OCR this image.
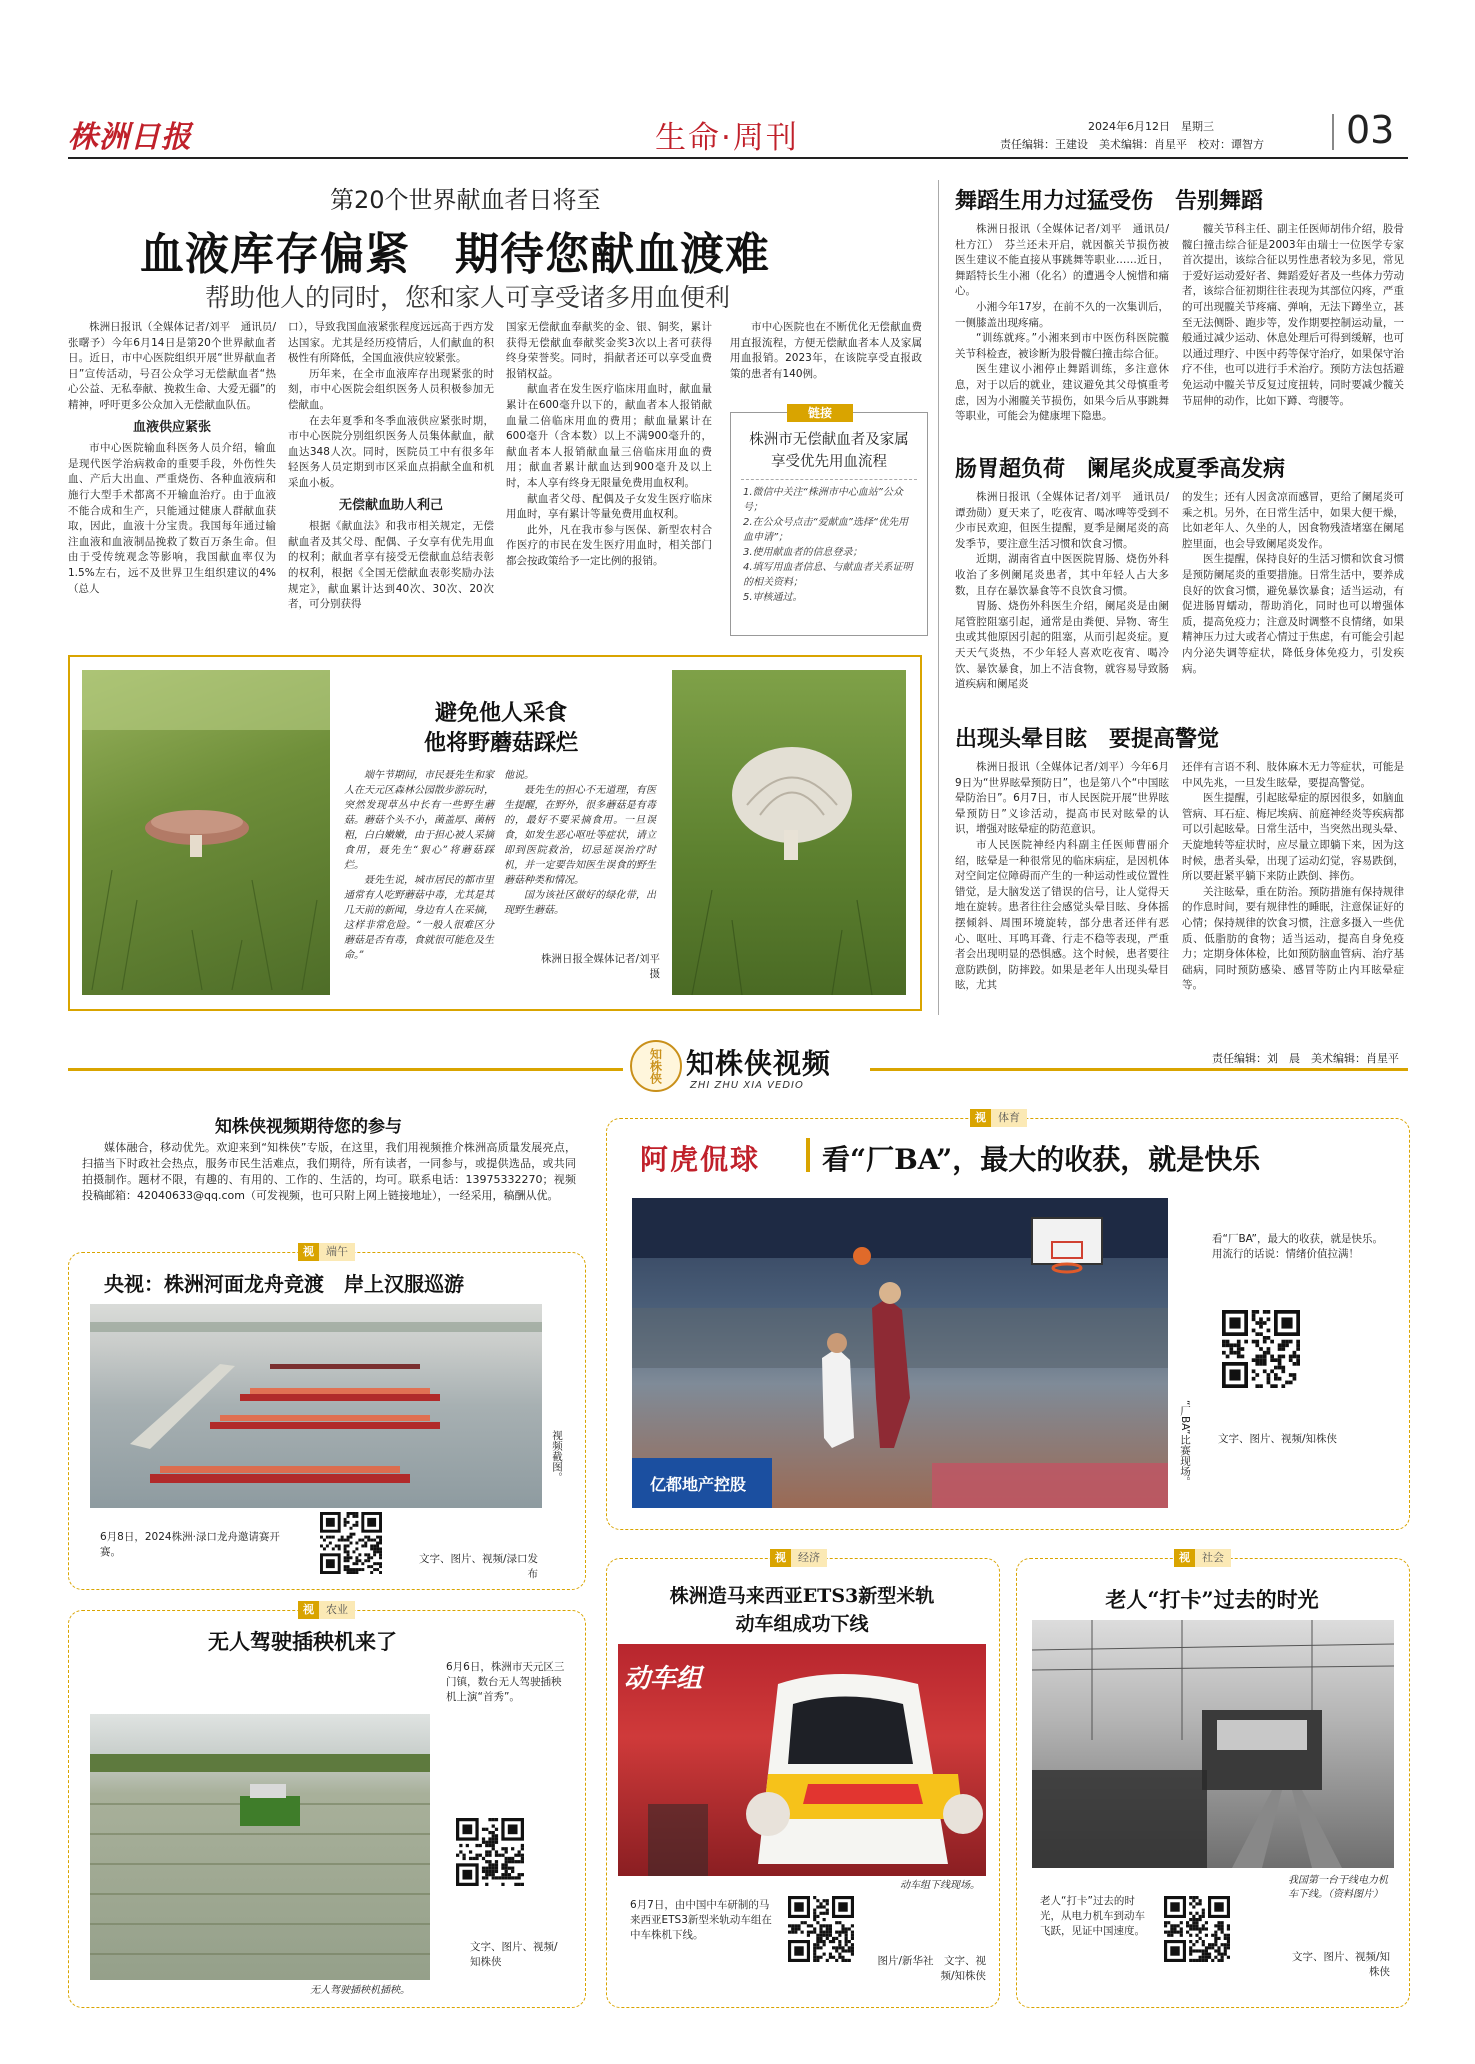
株洲日报	生命·周刊	2024年6月12日　星期三
责任编辑：王建设　美术编辑：肖星平　校对：谭智方 03
第20个世界献血者日将至
血液库存偏紧　期待您献血渡难
帮助他人的同时，您和家人可享受诸多用血便利

株洲日报讯（全媒体记者/刘平　通讯员/张曙予）今年6月14日是第20个世界献血者日。近日，市中心医院组织开展“世界献血者日”宣传活动，号召公众学习无偿献血者“热心公益、无私奉献、挽救生命、大爱无疆”的精神，呼吁更多公众加入无偿献血队伍。

血液供应紧张

市中心医院输血科医务人员介绍，输血是现代医学治病救命的重要手段，外伤性失血、产后大出血、严重烧伤、各种血液病和施行大型手术都离不开输血治疗。由于血液不能合成和生产，只能通过健康人群献血获取，因此，血液十分宝贵。我国每年通过输注血液和血液制品挽救了数百万条生命。但由于受传统观念等影响，我国献血率仅为1.5%左右，远不及世界卫生组织建议的4%（总人

口），导致我国血液紧张程度远远高于西方发达国家。尤其是经历疫情后，人们献血的积极性有所降低，全国血液供应较紧张。

历年来，在全市血液库存出现紧张的时刻，市中心医院会组织医务人员积极参加无偿献血。

在去年夏季和冬季血液供应紧张时期，市中心医院分别组织医务人员集体献血，献血达348人次。同时，医院员工中有很多年轻医务人员定期到市区采血点捐献全血和机采血小板。

无偿献血助人利己

根据《献血法》和我市相关规定，无偿献血者及其父母、配偶、子女享有优先用血的权利；献血者享有接受无偿献血总结表彰的权利，根据《全国无偿献血表彰奖励办法规定》，献血累计达到40次、30次、20次者，可分别获得

国家无偿献血奉献奖的金、银、铜奖，累计获得无偿献血奉献奖金奖3次以上者可获得终身荣誉奖。同时，捐献者还可以享受血费报销权益。

献血者在发生医疗临床用血时，献血量累计在600毫升以下的，献血者本人报销献血量二倍临床用血的费用；献血量累计在600毫升（含本数）以上不满900毫升的，献血者本人报销献血量三倍临床用血的费用；献血者累计献血达到900毫升及以上时，本人享有终身无限量免费用血权利。

献血者父母、配偶及子女发生医疗临床用血时，享有累计等量免费用血权利。

此外，凡在我市参与医保、新型农村合作医疗的市民在发生医疗用血时，相关部门都会按政策给予一定比例的报销。

市中心医院也在不断优化无偿献血费用直报流程，方便无偿献血者本人及家属用血报销。2023年，在该院享受直报政策的患者有140例。

链接
株洲市无偿献血者及家属享受优先用血流程
1.微信中关注“株洲市中心血站”公众号；
2.在公众号点击“爱献血”选择“优先用血申请”；
3.使用献血者的信息登录；
4.填写用血者信息、与献血者关系证明的相关资料；
5.审核通过。
避免他人采食
他将野蘑菇踩烂

端午节期间，市民聂先生和家人在天元区森林公园散步游玩时，突然发现草丛中长有一些野生蘑菇。蘑菇个头不小，菌盖厚、菌柄粗，白白嫩嫩，由于担心被人采摘食用，聂先生“狠心”将蘑菇踩烂。

聂先生说，城市居民的都市里通常有人吃野蘑菇中毒，尤其是其几天前的新闻，身边有人在采摘，这样非常危险。“一般人很难区分蘑菇是否有毒，食就很可能危及生命。”

他说。

聂先生的担心不无道理，有医生提醒，在野外，很多蘑菇是有毒的，最好不要采摘食用。一旦误食，如发生恶心呕吐等症状，请立即到医院救治，切忌延误治疗时机，并一定要告知医生误食的野生蘑菇种类和情况。

国为该社区做好的绿化带，出现野生蘑菇。

株洲日报全媒体记者/刘平　摄
舞蹈生用力过猛受伤　告别舞蹈

株洲日报讯（全媒体记者/刘平　通讯员/杜方江）　芬兰还未开启，就因髌关节损伤被医生建议不能直接从事跳舞等职业……近日，舞蹈特长生小湘（化名）的遭遇令人惋惜和痛心。

小湘今年17岁，在前不久的一次集训后，一侧膝盖出现疼痛。

“训练就疼。”小湘来到市中医伤科医院髋关节科检查，被诊断为股骨髋臼撞击综合征。

医生建议小湘停止舞蹈训练，多注意休息，对于以后的就业，建议避免其父母慎重考虑，因为小湘髋关节损伤，如果今后从事跳舞等职业，可能会为健康埋下隐患。

髋关节科主任、副主任医师胡伟介绍，股骨髋臼撞击综合征是2003年由瑞士一位医学专家首次提出，该综合征以男性患者较为多见，常见于爱好运动爱好者、舞蹈爱好者及一些体力劳动者，该综合征初期往往表现为其部位闪疼，严重的可出现髋关节疼痛、弹响，无法下蹲坐立，甚至无法侧卧、跑步等，发作期要控制运动量，一般通过减少运动、休息处理后可得到缓解，也可以通过理疗、中医中药等保守治疗，如果保守治疗不佳，也可以进行手术治疗。预防方法包括避免运动中髋关节反复过度扭转，同时要减少髋关节屈伸的动作，比如下蹲、弯腰等。

肠胃超负荷　阑尾炎成夏季高发病

株洲日报讯（全媒体记者/刘平　通讯员/谭劲勋）夏天来了，吃夜宵、喝冰啤等受到不少市民欢迎，但医生提醒，夏季是阑尾炎的高发季节，要注意生活习惯和饮食习惯。

近期，湖南省直中医医院胃肠、烧伤外科收治了多例阑尾炎患者，其中年轻人占大多数，且存在暴饮暴食等不良饮食习惯。

胃肠、烧伤外科医生介绍，阑尾炎是由阑尾管腔阻塞引起，通常是由粪便、异物、寄生虫或其他原因引起的阻塞，从而引起炎症。夏天天气炎热，不少年轻人喜欢吃夜宵、喝冷饮、暴饮暴食，加上不洁食物，就容易导致肠道疾病和阑尾炎

的发生；还有人因贪凉而感冒，更给了阑尾炎可乘之机。另外，在日常生活中，如果大便干燥，比如老年人、久坐的人，因食物残渣堵塞在阑尾腔里面，也会导致阑尾炎发作。

医生提醒，保持良好的生活习惯和饮食习惯是预防阑尾炎的重要措施。日常生活中，要养成良好的饮食习惯，避免暴饮暴食；适当运动，有促进肠胃蠕动，帮助消化，同时也可以增强体质，提高免疫力；注意及时调整不良情绪，如果精神压力过大或者心情过于焦虑，有可能会引起内分泌失调等症状，降低身体免疫力，引发疾病。

出现头晕目眩　要提高警觉

株洲日报讯（全媒体记者/刘平）今年6月9日为“世界眩晕预防日”，也是第八个“中国眩晕防治日”。6月7日，市人民医院开展“世界眩晕预防日”义诊活动，提高市民对眩晕的认识，增强对眩晕症的防范意识。

市人民医院神经内科副主任医师曹丽介绍，眩晕是一种很常见的临床病症，是因机体对空间定位障碍而产生的一种运动性或位置性错觉，是大脑发送了错误的信号，让人觉得天地在旋转。患者往往会感觉头晕目眩、身体摇摆倾斜、周围环境旋转，部分患者还伴有恶心、呕吐、耳鸣耳聋、行走不稳等表现，严重者会出现明显的恐惧感。这个时候，患者要往意防跌倒，防摔跤。如果是老年人出现头晕目眩，尤其

还伴有言语不利、肢体麻木无力等症状，可能是中风先兆，一旦发生眩晕，要提高警觉。

医生提醒，引起眩晕症的原因很多，如脑血管病、耳石症、梅尼埃病、前庭神经炎等疾病都可以引起眩晕。日常生活中，当突然出现头晕、天旋地转等症状时，应尽量立即躺下来，因为这时候，患者头晕，出现了运动幻觉，容易跌倒，所以要赶紧平躺下来防止跌倒、摔伤。

关注眩晕，重在防治。预防措施有保持规律的作息时间，要有规律性的睡眠，注意保证好的心情；保持规律的饮食习惯，注意多摄入一些优质、低脂肪的食物；适当运动，提高自身免疫力；定期身体体检，比如预防脑血管病、治疗基础病，同时预防感染、感冒等防止内耳眩晕症等。

知株侠 知株侠视频
ZHI ZHU XIA VEDIO
责任编辑：刘　晨　美术编辑：肖星平
知株侠视频期待您的参与

媒体融合，移动优先。欢迎来到“知株侠”专版，在这里，我们用视频推介株洲高质量发展亮点，扫描当下时政社会热点，服务市民生活难点，我们期待，所有读者，一同参与，或提供选品，或共同拍摄制作。题材不限，有趣的、有用的、工作的、生活的，均可。联系电话：13975332270；视频投稿邮箱：42040633@qq.com（可发视频，也可只附上网上链接地址），一经采用，稿酬从优。

视	端午
央视：株洲河面龙舟竞渡　岸上汉服巡游
视频截图。
6月8日，2024株洲·渌口龙舟邀请赛开赛。
文字、图片、视频/渌口发布
视	农业
无人驾驶插秧机来了
6月6日，株洲市天元区三门镇，数台无人驾驶插秧机上演“首秀”。
无人驾驶插秧机插秧。
文字、图片、视频/知株侠
视	体育
阿虎侃球 看“厂BA”，最大的收获，就是快乐
亿都地产控股
看“厂BA”，最大的收获，就是快乐。用流行的话说：情绪价值拉满！
“厂BA”比赛现场。	文字、图片、视频/知株侠
视	经济
株洲造马来西亚ETS3新型米轨
动车组成功下线
动车组
动车组下线现场。
6月7日，由中国中车研制的马来西亚ETS3新型米轨动车组在中车株机下线。
图片/新华社　文字、视频/知株侠
视	社会
老人“打卡”过去的时光
我国第一台干线电力机车下线。（资料图片）
老人“打卡”过去的时光，从电力机车到动车飞跃，见证中国速度。
文字、图片、视频/知株侠
